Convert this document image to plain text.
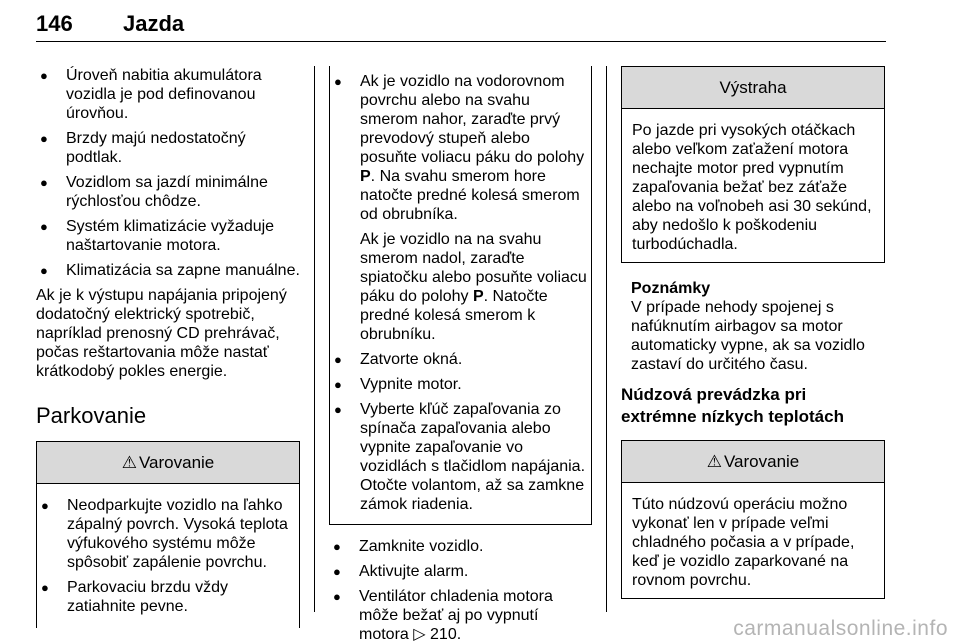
146 Jazda
● Úroveň nabitia akumulátora vozidla je pod definovanou úrovňou.
● Brzdy majú nedostatočný podtlak.
● Vozidlom sa jazdí minimálne rýchlosťou chôdze.
● Systém klimatizácie vyžaduje naštartovanie motora.
● Klimatizácia sa zapne manuálne.

Ak je k výstupu napájania pripojený dodatočný elektrický spotrebič, napríklad prenosný CD prehrávač, počas reštartovania môže nastať krátkodobý pokles energie.

Parkovanie
⚠ Varovanie
● Neodparkujte vozidlo na ľahko zápalný povrch. Vysoká teplota výfukového systému môže spôsobiť zapálenie povrchu.
● Parkovaciu brzdu vždy zatiahnite pevne.
● Ak je vozidlo na vodorovnom povrchu alebo na svahu smerom nahor, zaraďte prvý prevodový stupeň alebo posuňte voliacu páku do polohy P. Na svahu smerom hore natočte predné kolesá smerom od obrubníka.

Ak je vozidlo na na svahu smerom nadol, zaraďte spiatočku alebo posuňte voliacu páku do polohy P. Natočte predné kolesá smerom k obrubníku.

● Zatvorte okná.
● Vypnite motor.
● Vyberte kľúč zapaľovania zo spínača zapaľovania alebo vypnite zapaľovanie vo vozidlách s tlačidlom napájania. Otočte volantom, až sa zamkne zámok riadenia.
● Zamknite vozidlo.
● Aktivujte alarm.
● Ventilátor chladenia motora môže bežať aj po vypnutí motora ▷ 210.
Výstraha
Po jazde pri vysokých otáčkach alebo veľkom zaťažení motora nechajte motor pred vypnutím zapaľovania bežať bez záťaže alebo na voľnobeh asi 30 sekúnd, aby nedošlo k poškodeniu turbodúchadla.
Poznámky
V prípade nehody spojenej s nafúknutím airbagov sa motor automaticky vypne, ak sa vozidlo zastaví do určitého času.
Núdzová prevádzka pri extrémne nízkych teplotách
⚠ Varovanie
Túto núdzovú operáciu možno vykonať len v prípade veľmi chladného počasia a v prípade, keď je vozidlo zaparkované na rovnom povrchu.
carmanualsonline.info
